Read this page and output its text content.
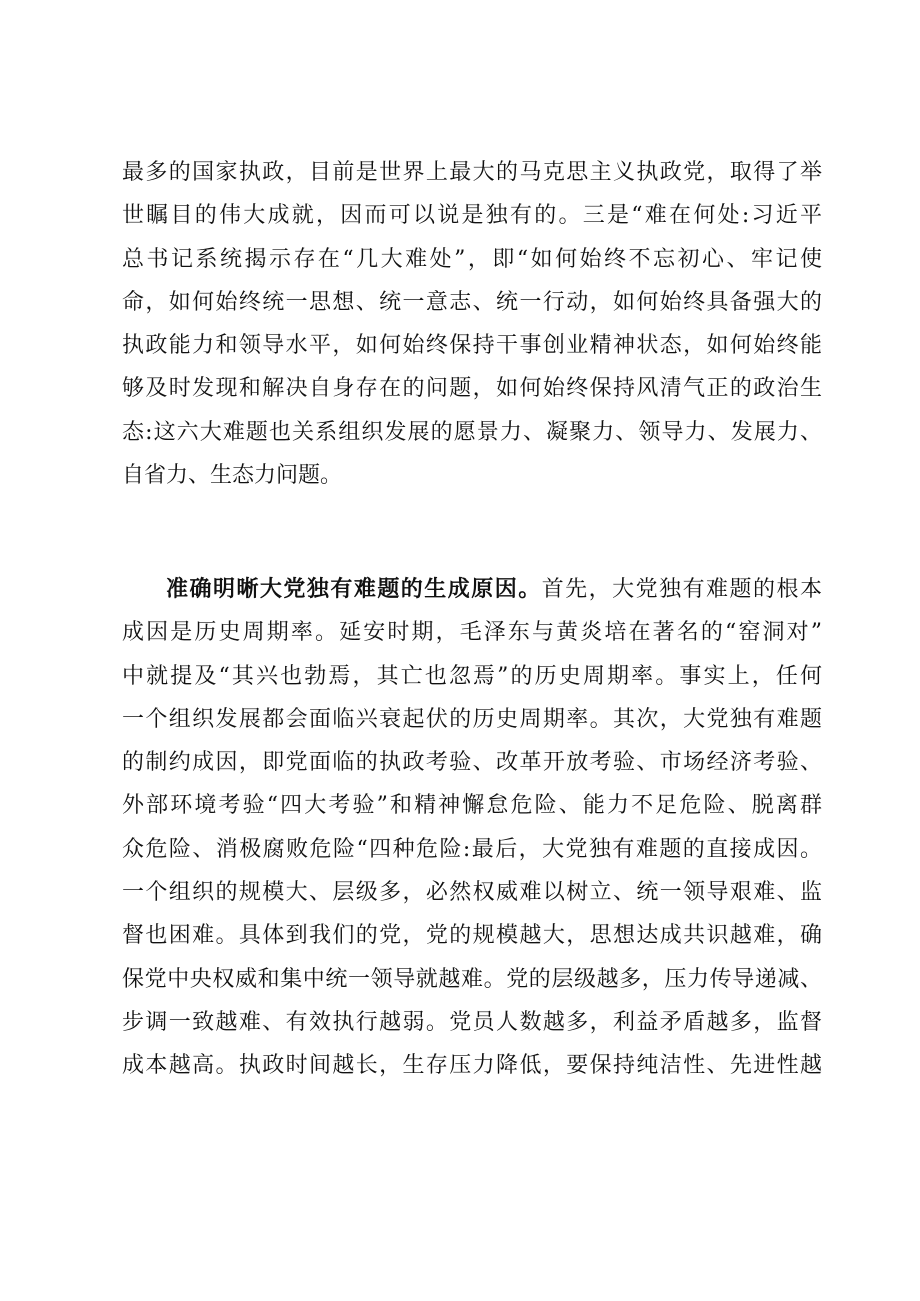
最多的国家执政，目前是世界上最大的马克思主义执政党，取得了举
世瞩目的伟大成就，因而可以说是独有的。三是“难在何处:习近平
总书记系统揭示存在“几大难处”，即“如何始终不忘初心、牢记使
命，如何始终统一思想、统一意志、统一行动，如何始终具备强大的
执政能力和领导水平，如何始终保持干事创业精神状态，如何始终能
够及时发现和解决自身存在的问题，如何始终保持风清气正的政治生
态:这六大难题也关系组织发展的愿景力、凝聚力、领导力、发展力、
自省力、生态力问题。
准确明晰大党独有难题的生成原因。首先，大党独有难题的根本
成因是历史周期率。延安时期，毛泽东与黄炎培在著名的“窑洞对”
中就提及“其兴也勃焉，其亡也忽焉”的历史周期率。事实上，任何
一个组织发展都会面临兴衰起伏的历史周期率。其次，大党独有难题
的制约成因，即党面临的执政考验、改革开放考验、市场经济考验、
外部环境考验“四大考验”和精神懈怠危险、能力不足危险、脱离群
众危险、消极腐败危险“四种危险:最后，大党独有难题的直接成因。
一个组织的规模大、层级多，必然权威难以树立、统一领导艰难、监
督也困难。具体到我们的党，党的规模越大，思想达成共识越难，确
保党中央权威和集中统一领导就越难。党的层级越多，压力传导递减、
步调一致越难、有效执行越弱。党员人数越多，利益矛盾越多，监督
成本越高。执政时间越长，生存压力降低，要保持纯洁性、先进性越
